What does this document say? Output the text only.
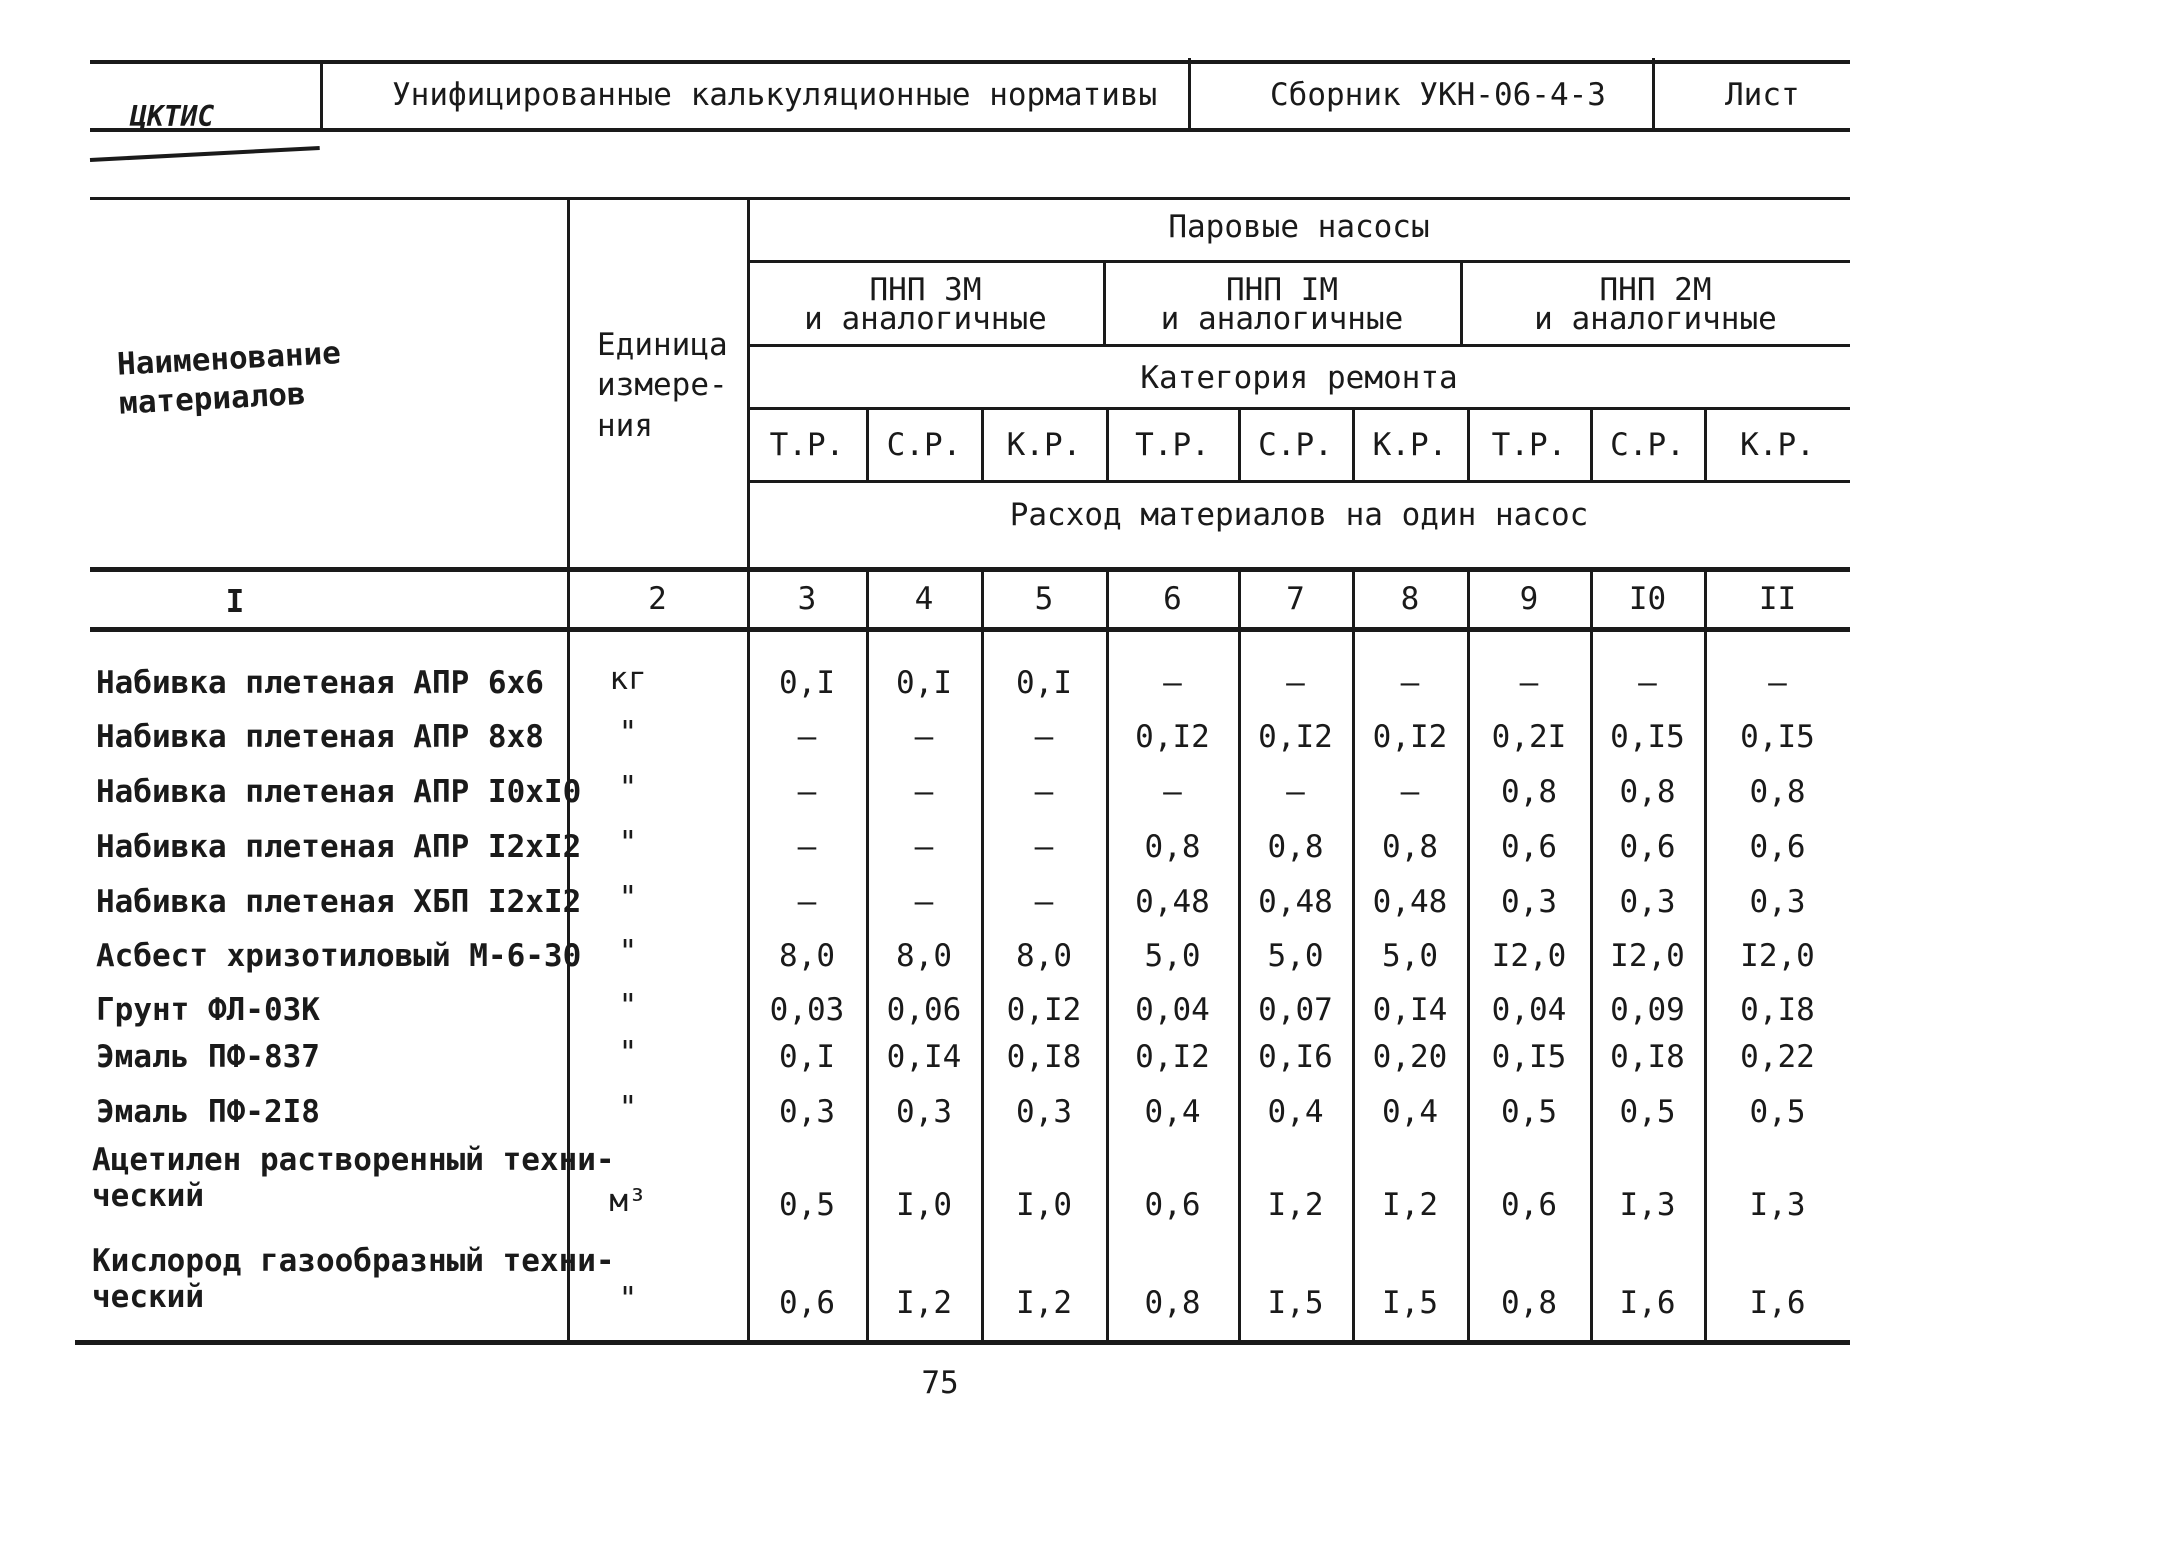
ЦКТИС
Унифицированные калькуляционные нормативы	Сборник УКН-06-4-3	Лист
Наименование материалов
Единица измере- ния
Паровые насосы
ПНП 3М
и аналогичные
ПНП IМ
и аналогичные
ПНП 2М
и аналогичные
Категория ремонта
Т.Р.	С.Р.	К.Р.	Т.Р.	С.Р.	К.Р.	Т.Р.	С.Р.	К.Р.
Расход материалов на один насос
I	2	3	4	5	6	7	8	9	I0	II
Набивка плетеная АПР 6х6	кг	0,I	0,I	0,I	–	–	–	–	–	–
Набивка плетеная АПР 8х8	"	–	–	–	0,I2	0,I2	0,I2	0,2I	0,I5	0,I5
Набивка плетеная АПР I0хI0	"	–	–	–	–	–	–	0,8	0,8	0,8
Набивка плетеная АПР I2хI2	"	–	–	–	0,8	0,8	0,8	0,6	0,6	0,6
Набивка плетеная ХБП I2хI2	"	–	–	–	0,48	0,48	0,48	0,3	0,3	0,3
Асбест хризотиловый М-6-30	"	8,0	8,0	8,0	5,0	5,0	5,0	I2,0	I2,0	I2,0
Грунт ФЛ-03К	"	0,03	0,06	0,I2	0,04	0,07	0,I4	0,04	0,09	0,I8
Эмаль ПФ-837	"	0,I	0,I4	0,I8	0,I2	0,I6	0,20	0,I5	0,I8	0,22
Эмаль ПФ-2I8	"	0,3	0,3	0,3	0,4	0,4	0,4	0,5	0,5	0,5
Ацетилен растворенный техни-
ческий	м³	0,5	I,0	I,0	0,6	I,2	I,2	0,6	I,3	I,3
Кислород газообразный техни-
ческий	"	0,6	I,2	I,2	0,8	I,5	I,5	0,8	I,6	I,6
75
